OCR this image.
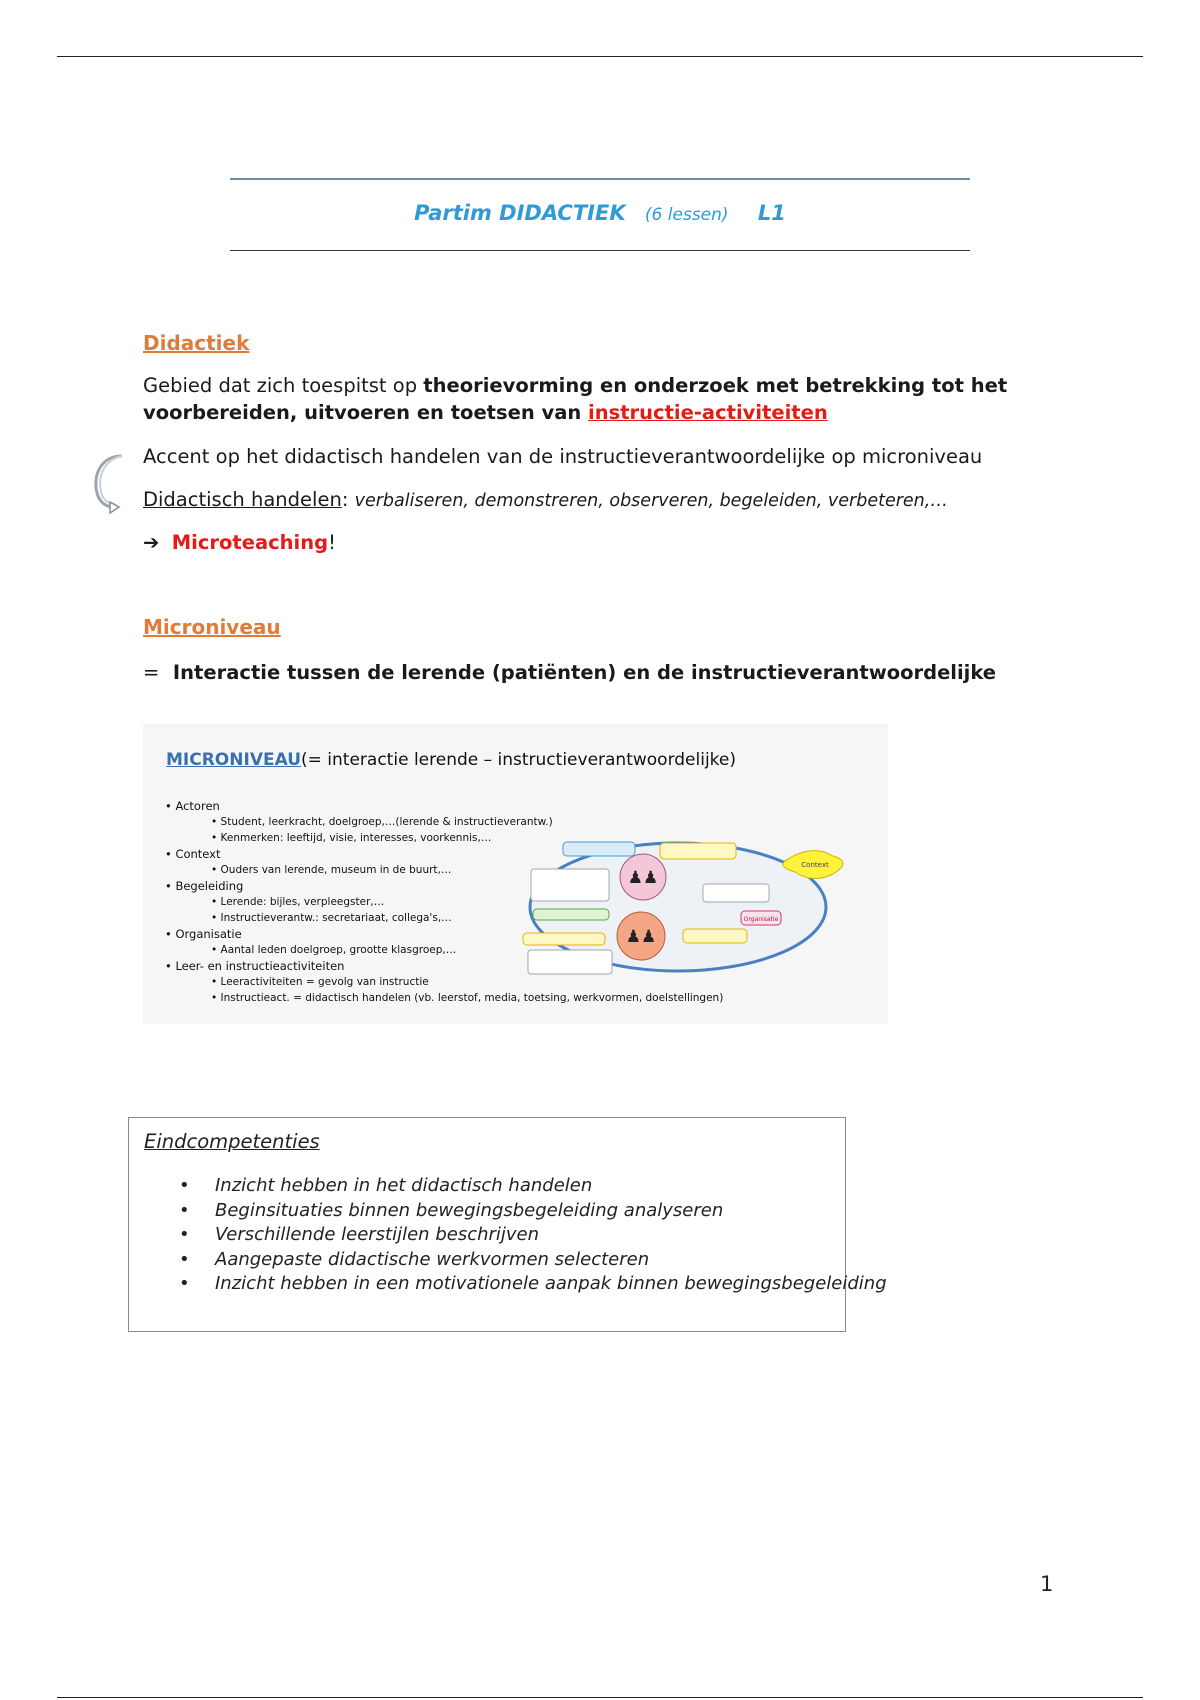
Partim DIDACTIEK (6 lessen) L1
Didactiek
Gebied dat zich toespitst op theorievorming en onderzoek met betrekking tot het
voorbereiden, uitvoeren en toetsen van instructie-activiteiten
Accent op het didactisch handelen van de instructieverantwoordelijke op microniveau
Didactisch handelen: verbaliseren, demonstreren, observeren, begeleiden, verbeteren,…
➔ Microteaching!
Microniveau
= Interactie tussen de lerende (patiënten) en de instructieverantwoordelijke
MICRONIVEAU(= interactie lerende – instructieverantwoordelijke)
• Actoren
• Student, leerkracht, doelgroep,…(lerende & instructieverantw.)
• Kenmerken: leeftijd, visie, interesses, voorkennis,…
• Context
• Ouders van lerende, museum in de buurt,…
• Begeleiding
• Lerende: bijles, verpleegster,…
• Instructieverantw.: secretariaat, collega's,…
• Organisatie
• Aantal leden doelgroep, grootte klasgroep,…
• Leer- en instructieactiviteiten
• Leeractiviteiten = gevolg van instructie
• Instructieact. = didactisch handelen (vb. leerstof, media, toetsing, werkvormen, doelstellingen)
Organisatie
♟♟
♟♟
Context
Eindcompetenties
• Inzicht hebben in het didactisch handelen
• Beginsituaties binnen bewegingsbegeleiding analyseren
• Verschillende leerstijlen beschrijven
• Aangepaste didactische werkvormen selecteren
• Inzicht hebben in een motivationele aanpak binnen bewegingsbegeleiding
1
